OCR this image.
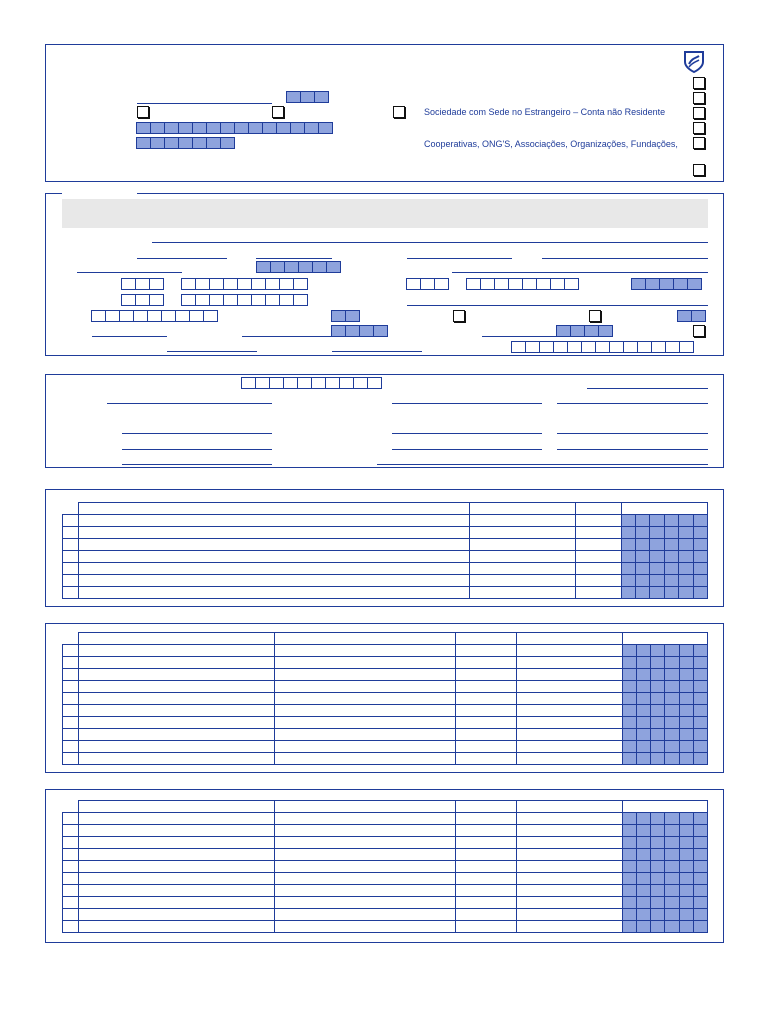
Sociedade com Sede no Estrangeiro – Conta não Residente
Cooperativas, ONG'S, Associações, Organizações, Fundações,
